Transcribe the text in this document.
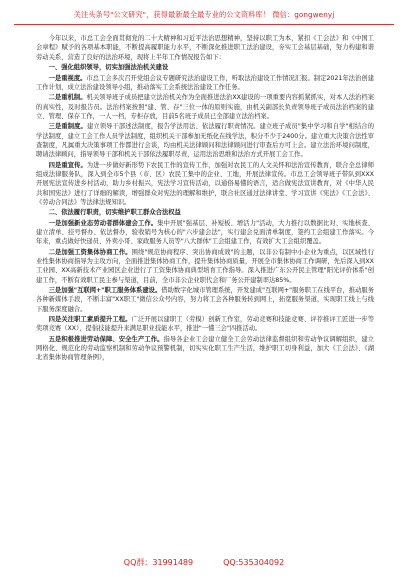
关注头条号"公文研究"，获得最新最全最专业的公文资料库！ 微信：gongwenyj

今年以来，市总工会全面贯彻党的二十大精神和习近平法治思想精神，坚持以职工为本，紧扣《工会法》和《中国工会章程》赋予的各项基本职能，不断提高履职能力水平，不断深化推进职工法治建设，夯实工会基层基础，努力构建和谐劳动关系，营造了良好的法治环境，现将上半年工作情况报告如下：

一、强化组织领导，切实加强法治机关建设

一是重视度。市总工会多次召开党组会议专题研究法治建设工作，听取法治建设工作情况汇报。制定2021年法治创建工作计划，成立法治建设领导小组，推动落实工会系统法治建设工作任务。

二是重机制。机关领导班子成员把建立法治机关作为全面推进法治XX建设的一项重要内容抓紧抓实，对本人法治档案的真实性，及时报告员。法治档案按照"建、管、存"三位一体的原则实施，由机关副部长负责领导班子成员法治档案的建立、管理、保存工作，一人一档，专柜存放，目前5名班子成员已全部建立法治档案。

三是重制度。建立领导干部述法制度，报告学法用法、依法履行职责情况。建立班子成员"集中学习和自学"相结合的学法制度，建立工会工作人员学法制度，组织机关干部参加无纸化在线学法，积分不少于2400分。建立重大决策合法性审查制度，凡属重大决策事项工作都进行会谈，均由机关法律顾问和法律顾问进行审查后方可上会。建立法治环境问制度，聘请法律顾问，指导领导干部和机关干部依法履职尽责，运用法治思维和法治方式开展工会工作。

四是重宣传。为进一步做好新形势下农民工作的宣传工作，加强对农民工的人文关怀和法治宣传教育，联合全总律师组成法律服务队，深入到全市5个县（市、区）农民工集中的企业、工地，开展法律宣传。市总工会领导班子带队到XXX开展宪法宣传进乡村活动，助力乡村振兴，宪法学习宣传活动，以通俗易懂的语言，适合做宪法宣讲教育，对《中华人民共和国宪法》进行了详细的解读，增强群众对宪法的理解和维护，联合社区通过法律讲堂、学习宣讲《宪法》《工会法》、《劳动合同法》等法律法规知识。

二、依法履行职责，切实维护职工群众合法权益

一是加强新业态劳动者群体建会工作。集中开展"强基层、补短板、增活力"活动，大力推行以数据比对、实地核查、建立清单、挂号督办、依法督办，验收销号为核心的"六步建会法"，实行建会兑面清单制度，签约工会组建工作落实。今年来，重点做好快递员、外卖小哥、家政服务人员等"八大群体"工会组建工作，有效扩大工会组织覆盖。

二是加强工资集体协商工作。围绕"规范协商程序、突出协商成效"的主题，以非公有制中小企业为重点，以区域性行业性集体协商指导为主攻方向，全面推进集体协商工作，提升集体协商质量，开展全市集体协商工作调研，先后深入到XX工业园、XX高新技术产业园区企业进行了工资集体协商典型培育工作指导。深入推进广东公开民主管理"阳光评价体系"创建工作，不断有效职工民主参与渠道，目前，全市非公企业职代会和厂务公开建制率达85%。

三是加强"互联网+"职工服务体系建设。借助数字化城市管理系统，开发建成"互联网+"服务职工在线平台，推动服务各种新媒体手段，不断丰富"XX职工"微信公众号内容，努力将工会各种服务转到网上，拓宽服务渠道，实现职工线上与线下服务深度融合。

四是关注职工素质提升工程。广泛开展以建职工（劳模）创新工作室，劳动竞赛和技能竞赛、评荐推评工匠进一步等奖项竞赛（XX），提倡技能提升来满足职业技能水平，推进"一懂三会"四推活动。

五是积极推进劳动保障、安全生产工作。指导各企业工会建立健全工会劳动法律监督组织和劳动争议调解组织，建立网格化、规范化的劳动监察机制和劳动争议预警机制，切实实化职工生产生活，维护职工切身利益，加大《工会法》、《湖北省集体协商管理条例》，

QQ群：31991489	QQ:535304092
